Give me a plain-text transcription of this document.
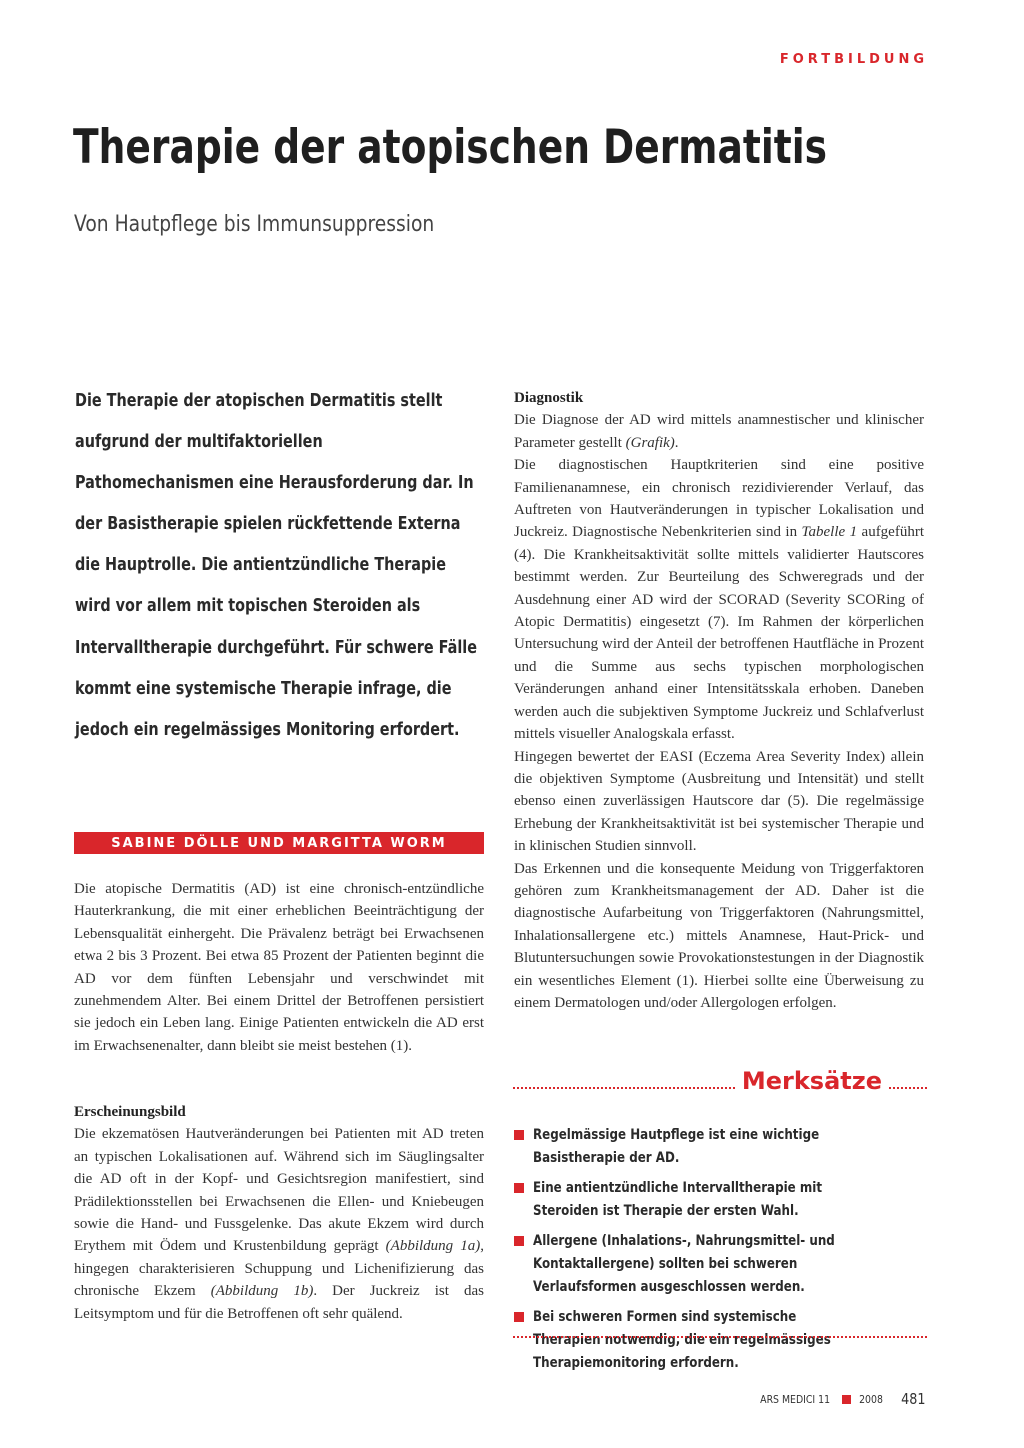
FORTBILDUNG
Therapie der atopischen Dermatitis
Von Hautpflege bis Immunsuppression
Die Therapie der atopischen Dermatitis stellt aufgrund der multifaktoriellen Pathomechanismen eine Herausforderung dar. In der Basistherapie spielen rückfettende Externa die Hauptrolle. Die antientzündliche Therapie wird vor allem mit topischen Steroiden als Intervalltherapie durchgeführt. Für schwere Fälle kommt eine systemische Therapie infrage, die jedoch ein regelmässiges Monitoring erfordert.
SABINE DÖLLE UND MARGITTA WORM

Die atopische Dermatitis (AD) ist eine chronisch-entzündliche Hauterkrankung, die mit einer erheblichen Beeinträchtigung der Lebensqualität einhergeht. Die Prävalenz beträgt bei Erwachsenen etwa 2 bis 3 Prozent. Bei etwa 85 Prozent der Patienten beginnt die AD vor dem fünften Lebensjahr und verschwindet mit zunehmendem Alter. Bei einem Drittel der Betroffenen persistiert sie jedoch ein Leben lang. Einige Patienten entwickeln die AD erst im Erwachsenenalter, dann bleibt sie meist bestehen (1).

Erscheinungsbild

Die ekzematösen Hautveränderungen bei Patienten mit AD treten an typischen Lokalisationen auf. Während sich im Säuglingsalter die AD oft in der Kopf- und Gesichtsregion manifestiert, sind Prädilektionsstellen bei Erwachsenen die Ellen- und Kniebeugen sowie die Hand- und Fussgelenke. Das akute Ekzem wird durch Erythem mit Ödem und Krustenbildung geprägt (Abbildung 1a), hingegen charakterisieren Schuppung und Lichenifizierung das chronische Ekzem (Abbildung 1b). Der Juckreiz ist das Leitsymptom und für die Betroffenen oft sehr quälend.

Diagnostik

Die Diagnose der AD wird mittels anamnestischer und klinischer Parameter gestellt (Grafik).

Die diagnostischen Hauptkriterien sind eine positive Familienanamnese, ein chronisch rezidivierender Verlauf, das Auftreten von Hautveränderungen in typischer Lokalisation und Juckreiz. Diagnostische Nebenkriterien sind in Tabelle 1 aufgeführt (4). Die Krankheitsaktivität sollte mittels validierter Hautscores bestimmt werden. Zur Beurteilung des Schweregrads und der Ausdehnung einer AD wird der SCORAD (Severity SCORing of Atopic Dermatitis) eingesetzt (7). Im Rahmen der körperlichen Untersuchung wird der Anteil der betroffenen Hautfläche in Prozent und die Summe aus sechs typischen morphologischen Veränderungen anhand einer Intensitätsskala erhoben. Daneben werden auch die subjektiven Symptome Juckreiz und Schlafverlust mittels visueller Analogskala erfasst.

Hingegen bewertet der EASI (Eczema Area Severity Index) allein die objektiven Symptome (Ausbreitung und Intensität) und stellt ebenso einen zuverlässigen Hautscore dar (5). Die regelmässige Erhebung der Krankheitsaktivität ist bei systemischer Therapie und in klinischen Studien sinnvoll.

Das Erkennen und die konsequente Meidung von Triggerfaktoren gehören zum Krankheitsmanagement der AD. Daher ist die diagnostische Aufarbeitung von Triggerfaktoren (Nahrungsmittel, Inhalationsallergene etc.) mittels Anamnese, Haut-Prick- und Blutuntersuchungen sowie Provokationstestungen in der Diagnostik ein wesentliches Element (1). Hierbei sollte eine Überweisung zu einem Dermatologen und/oder Allergologen erfolgen.

Merksätze
Regelmässige Hautpflege ist eine wichtige Basistherapie der AD.
Eine antientzündliche Intervalltherapie mit Steroiden ist Therapie der ersten Wahl.
Allergene (Inhalations-, Nahrungsmittel- und Kontaktallergene) sollten bei schweren Verlaufsformen ausgeschlossen werden.
Bei schweren Formen sind systemische Therapien notwendig, die ein regelmässiges Therapiemonitoring erfordern.
ARS MEDICI 11	2008 481
